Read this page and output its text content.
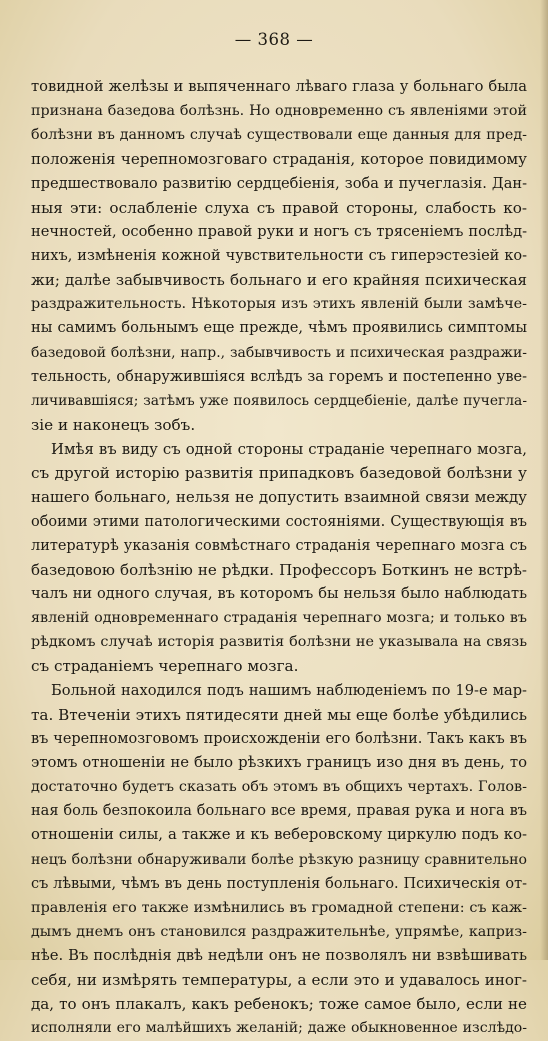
— 368 —
товидной желѣзы и выпяченнаго лѣваго глаза у больнаго была
признана базедова болѣзнь. Но одновременно съ явленіями этой
болѣзни въ данномъ случаѣ существовали еще данныя для пред-
положенія черепномозговаго страданія, которое повидимому
предшествовало развитію сердцебіенія, зоба и пучеглазія. Дан-
ныя эти: ослабленіе слуха съ правой стороны, слабость ко-
нечностей, особенно правой руки и ногъ съ трясеніемъ послѣд-
нихъ, измѣненія кожной чувствительности съ гиперэстезіей ко-
жи; далѣе забывчивость больнаго и его крайняя психическая
раздражительность. Нѣкоторыя изъ этихъ явленій были замѣче-
ны самимъ больнымъ еще прежде, чѣмъ проявились симптомы
базедовой болѣзни, напр., забывчивость и психическая раздражи-
тельность, обнаружившіяся вслѣдъ за горемъ и постепенно уве-
личивавшіяся; затѣмъ уже появилось сердцебіеніе, далѣе пучегла-
зіе и наконецъ зобъ.
Имѣя въ виду съ одной стороны страданіе черепнаго мозга,
съ другой исторію развитія припадковъ базедовой болѣзни у
нашего больнаго, нельзя не допустить взаимной связи между
обоими этими патологическими состояніями. Существующія въ
литературѣ указанія совмѣстнаго страданія черепнаго мозга съ
базедовою болѣзнію не рѣдки. Профессоръ Боткинъ не встрѣ-
чалъ ни одного случая, въ которомъ бы нельзя было наблюдать
явленій одновременнаго страданія черепнаго мозга; и только въ
рѣдкомъ случаѣ исторія развитія болѣзни не указывала на связь
съ страданіемъ черепнаго мозга.
Больной находился подъ нашимъ наблюденіемъ по 19-е мар-
та. Втеченіи этихъ пятидесяти дней мы еще болѣе убѣдились
въ черепномозговомъ происхожденіи его болѣзни. Такъ какъ въ
этомъ отношеніи не было рѣзкихъ границъ изо дня въ день, то
достаточно будетъ сказать объ этомъ въ общихъ чертахъ. Голов-
ная боль безпокоила больнаго все время, правая рука и нога въ
отношеніи силы, а также и къ веберовскому циркулю подъ ко-
нецъ болѣзни обнаруживали болѣе рѣзкую разницу сравнительно
съ лѣвыми, чѣмъ въ день поступленія больнаго. Психическія от-
правленія его также измѣнились въ громадной степени: съ каж-
дымъ днемъ онъ становился раздражительнѣе, упрямѣе, каприз-
нѣе. Въ послѣднія двѣ недѣли онъ не позволялъ ни взвѣшивать
себя, ни измѣрять температуры, а если это и удавалось иног-
да, то онъ плакалъ, какъ ребенокъ; тоже самое было, если не
исполняли его малѣйшихъ желаній; даже обыкновенное изслѣдо-
